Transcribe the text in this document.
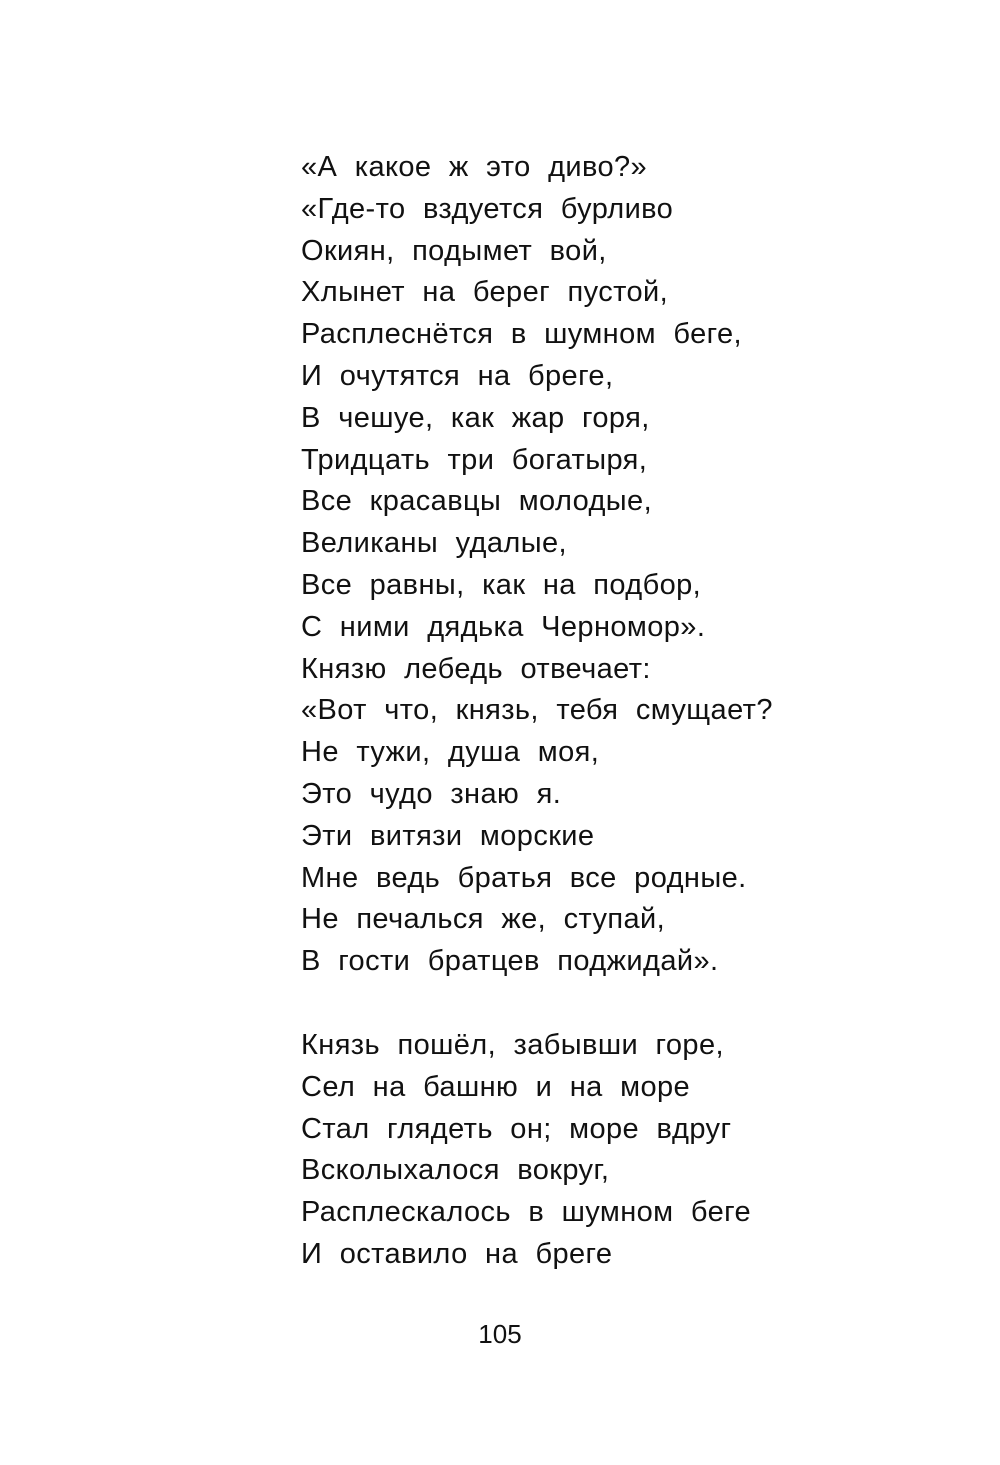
«А какое ж это диво?»
«Где-то вздуется бурливо
Окиян, подымет вой,
Хлынет на берег пустой,
Расплеснётся в шумном беге,
И очутятся на бреге,
В чешуе, как жар горя,
Тридцать три богатыря,
Все красавцы молодые,
Великаны удалые,
Все равны, как на подбор,
С ними дядька Черномор».
Князю лебедь отвечает:
«Вот что, князь, тебя смущает?
Не тужи, душа моя,
Это чудо знаю я.
Эти витязи морские
Мне ведь братья все родные.
Не печалься же, ступай,
В гости братцев поджидай».
Князь пошёл, забывши горе,
Сел на башню и на море
Стал глядеть он; море вдруг
Всколыхалося вокруг,
Расплескалось в шумном беге
И оставило на бреге
105
